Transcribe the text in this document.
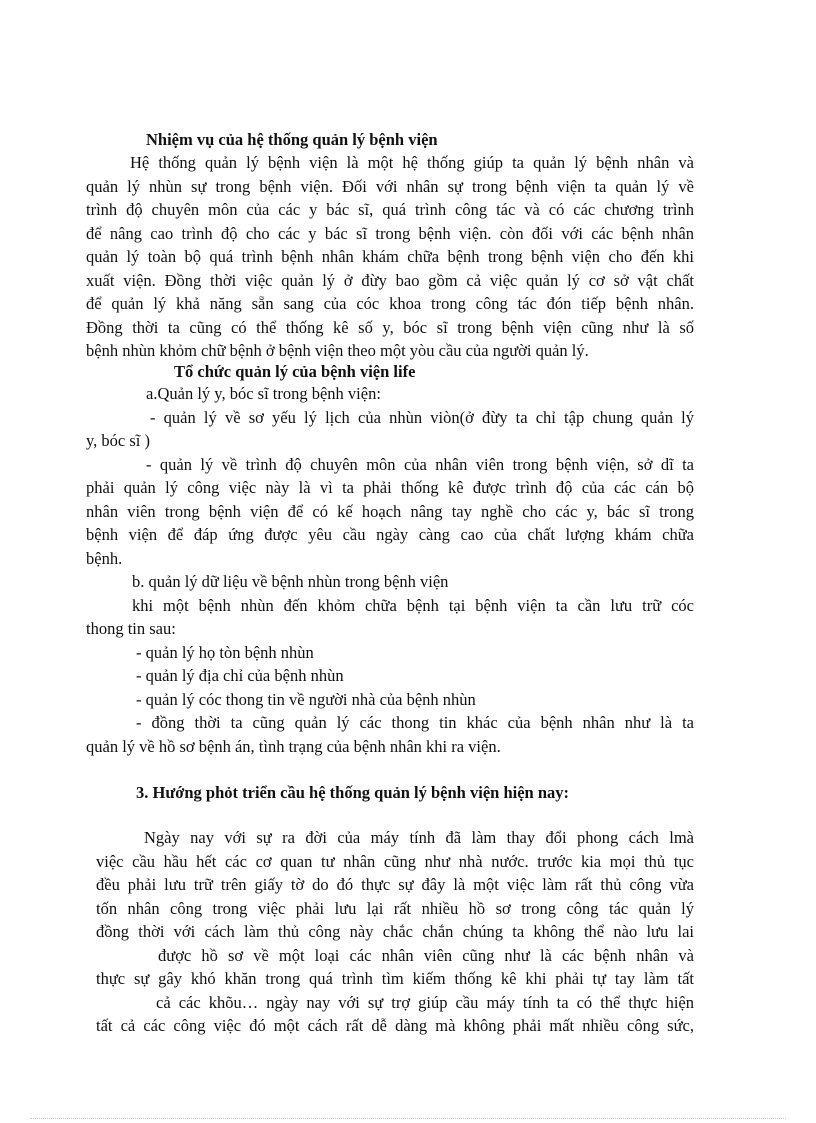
Nhiệm vụ của hệ thống quản lý bệnh viện
Hệ thống quản lý bệnh viện là một hệ thống giúp ta quản lý bệnh nhân và
quản lý nhùn sự trong bệnh viện. Đối với nhân sự trong bệnh viện ta quản lý về
trình độ chuyên môn của các y bác sĩ, quá trình công tác và có các chương trình
để nâng cao trình độ cho các y bác sĩ trong bệnh viện. còn đối với các bệnh nhân
quản lý toàn bộ quá trình bệnh nhân khám chữa bệnh trong bệnh viện cho đến khi
xuất viện. Đồng thời việc quản lý ở đừy bao gồm cả việc quản lý cơ sở vật chất
để quản lý khả năng sẵn sang của cóc khoa trong công tác đón tiếp bệnh nhân.
Đồng thời ta cũng có thể thống kê số y, bóc sĩ trong bệnh viện cũng như là số
bệnh nhùn khỏm chữ bệnh ở bệnh viện theo một yòu cầu của người quản lý.
Tổ chức quản lý của bệnh viện life
a.Quản lý y, bóc sĩ trong bệnh viện:
- quản lý về sơ yếu lý lịch của nhùn viòn(ở đừy ta chỉ tập chung quản lý
y, bóc sĩ )
- quản lý về trình độ chuyên môn của nhân viên trong bệnh viện, sở dĩ ta
phải quản lý công việc này là vì ta phải thống kê được trình độ của các cán bộ
nhân viên trong bệnh viện để có kế hoạch nâng tay nghề cho các y, bác sĩ trong
bệnh viện để đáp ứng được yêu cầu ngày càng cao của chất lượng khám chữa
bệnh.
b. quản lý dữ liệu về bệnh nhùn trong bệnh viện
khi một bệnh nhùn đến khỏm chữa bệnh tại bệnh viện ta cần lưu trữ cóc
thong tin sau:
- quản lý họ tòn bệnh nhùn
- quản lý địa chỉ của bệnh nhùn
- quản lý cóc thong tin về người nhà của bệnh nhùn
- đồng thời ta cũng quản lý các thong tin khác của bệnh nhân như là ta
quản lý về hồ sơ bệnh án, tình trạng của bệnh nhân khi ra viện.
3. Hướng phỏt triển cầu hệ thống quản lý bệnh viện hiện nay:
Ngày nay với sự ra đời của máy tính đã làm thay đổi phong cách lmà
việc cầu hầu hết các cơ quan tư nhân cũng như nhà nước. trước kia mọi thủ tục
đều phải lưu trữ trên giấy tờ do đó thực sự đây là một việc làm rất thủ công vừa
tốn nhân công trong việc phải lưu lại rất nhiều hồ sơ trong công tác quản lý
đồng thời với cách làm thủ công này chắc chắn chúng ta không thể nào lưu lai
được hồ sơ về một loại các nhân viên cũng như là các bệnh nhân và
thực sự gây khó khăn trong quá trình tìm kiếm thống kê khi phải tự tay làm tất
cả các khõu… ngày nay với sự trợ giúp cầu máy tính ta có thể thực hiện
tất cả các công việc đó một cách rất dễ dàng mà không phải mất nhiều công sức,
